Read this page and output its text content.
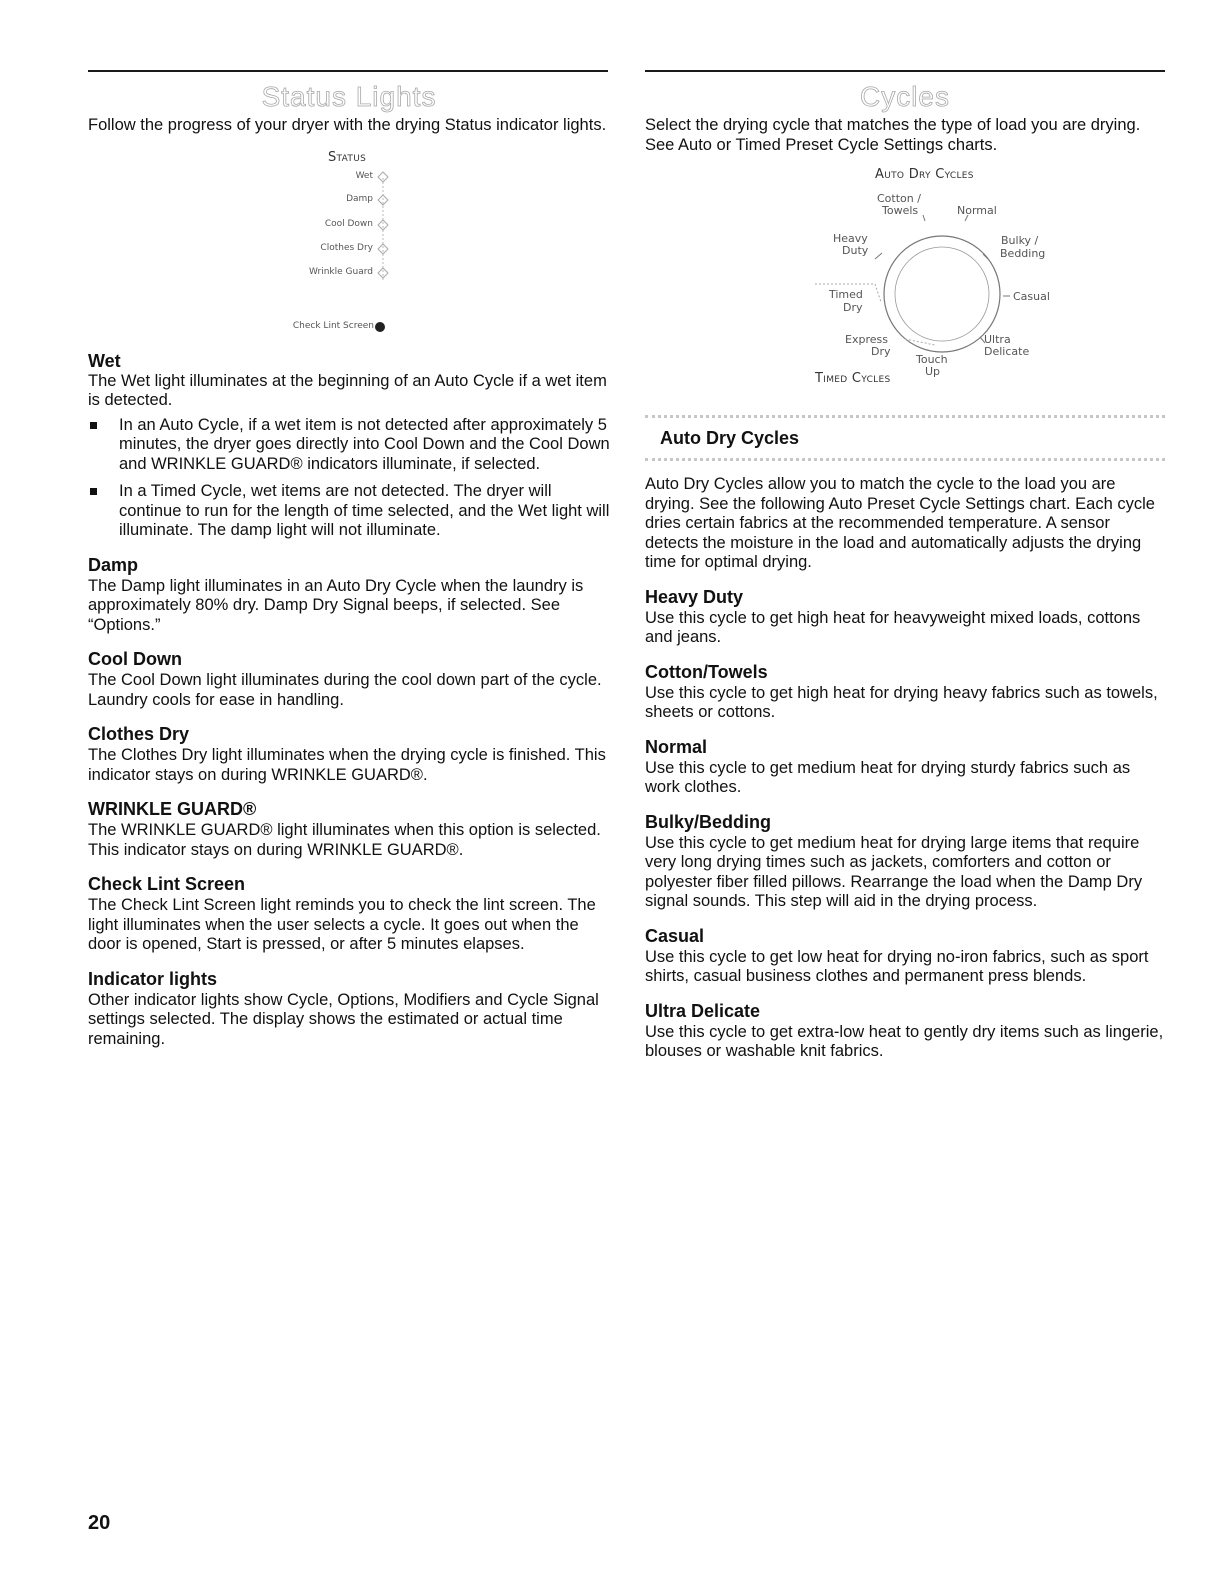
Status Lights

Follow the progress of your dryer with the drying Status indicator lights.

Status
Wet
Damp
Cool Down
Clothes Dry
Wrinkle Guard
Check Lint Screen
Wet

The Wet light illuminates at the beginning of an Auto Cycle if a wet item is detected.

In an Auto Cycle, if a wet item is not detected after approximately 5 minutes, the dryer goes directly into Cool Down and the Cool Down and WRINKLE GUARD® indicators illuminate, if selected.
In a Timed Cycle, wet items are not detected. The dryer will continue to run for the length of time selected, and the Wet light will illuminate. The damp light will not illuminate.
Damp

The Damp light illuminates in an Auto Dry Cycle when the laundry is approximately 80% dry. Damp Dry Signal beeps, if selected. See “Options.”

Cool Down

The Cool Down light illuminates during the cool down part of the cycle. Laundry cools for ease in handling.

Clothes Dry

The Clothes Dry light illuminates when the drying cycle is finished. This indicator stays on during WRINKLE GUARD®.

WRINKLE GUARD®

The WRINKLE GUARD® light illuminates when this option is selected. This indicator stays on during WRINKLE GUARD®.

Check Lint Screen

The Check Lint Screen light reminds you to check the lint screen. The light illuminates when the user selects a cycle. It goes out when the door is opened, Start is pressed, or after 5 minutes elapses.

Indicator lights

Other indicator lights show Cycle, Options, Modifiers and Cycle Signal settings selected. The display shows the estimated or actual time remaining.

Cycles

Select the drying cycle that matches the type of load you are drying. See Auto or Timed Preset Cycle Settings charts.

Auto Dry Cycles
Cotton /
Towels	Normal
Heavy
Duty
Bulky /
Bedding
Timed
Dry
Casual
Express
Dry
Touch
Up
Ultra
Delicate
Timed Cycles
Auto Dry Cycles

Auto Dry Cycles allow you to match the cycle to the load you are drying. See the following Auto Preset Cycle Settings chart. Each cycle dries certain fabrics at the recommended temperature. A sensor detects the moisture in the load and automatically adjusts the drying time for optimal drying.

Heavy Duty

Use this cycle to get high heat for heavyweight mixed loads, cottons and jeans.

Cotton/Towels

Use this cycle to get high heat for drying heavy fabrics such as towels, sheets or cottons.

Normal

Use this cycle to get medium heat for drying sturdy fabrics such as work clothes.

Bulky/Bedding

Use this cycle to get medium heat for drying large items that require very long drying times such as jackets, comforters and cotton or polyester fiber filled pillows. Rearrange the load when the Damp Dry signal sounds. This step will aid in the drying process.

Casual

Use this cycle to get low heat for drying no-iron fabrics, such as sport shirts, casual business clothes and permanent press blends.

Ultra Delicate

Use this cycle to get extra-low heat to gently dry items such as lingerie, blouses or washable knit fabrics.

20
